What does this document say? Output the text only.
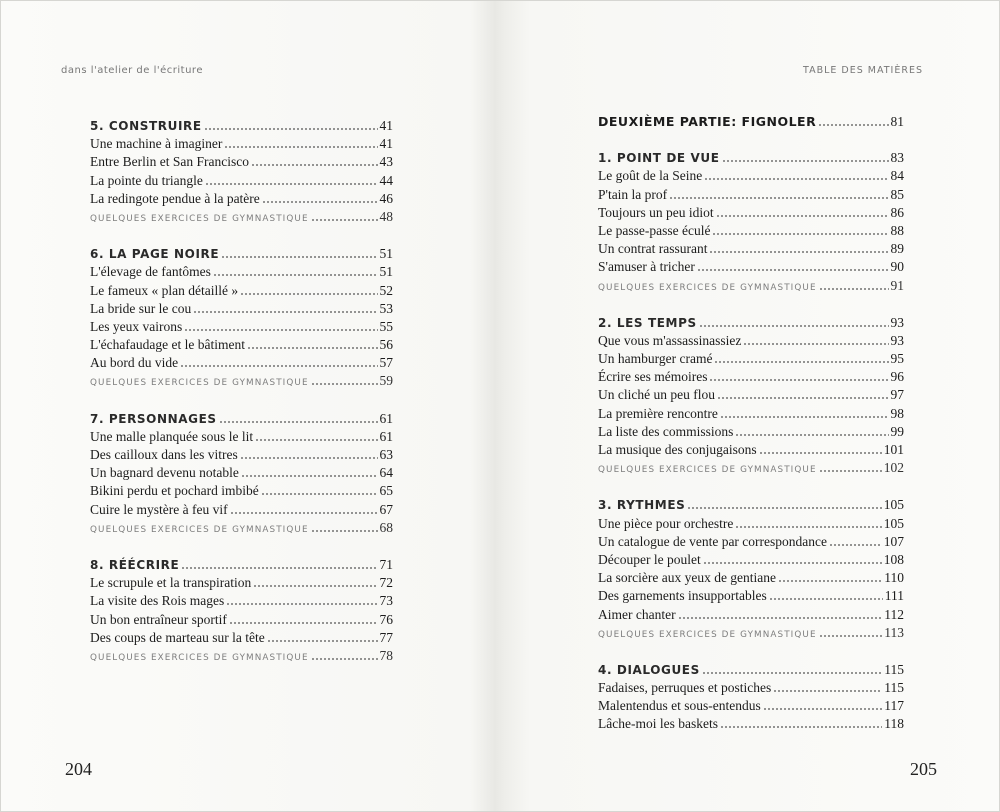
dans l'atelier de l'écriture
5. CONSTRUIRE	41
Une machine à imaginer	41
Entre Berlin et San Francisco	43
La pointe du triangle	44
La redingote pendue à la patère	46
QUELQUES EXERCICES DE GYMNASTIQUE	48
6. LA PAGE NOIRE	51
L'élevage de fantômes	51
Le fameux « plan détaillé »	52
La bride sur le cou	53
Les yeux vairons	55
L'échafaudage et le bâtiment	56
Au bord du vide	57
QUELQUES EXERCICES DE GYMNASTIQUE	59
7. PERSONNAGES	61
Une malle planquée sous le lit	61
Des cailloux dans les vitres	63
Un bagnard devenu notable	64
Bikini perdu et pochard imbibé	65
Cuire le mystère à feu vif	67
QUELQUES EXERCICES DE GYMNASTIQUE	68
8. RÉÉCRIRE	71
Le scrupule et la transpiration	72
La visite des Rois mages	73
Un bon entraîneur sportif	76
Des coups de marteau sur la tête	77
QUELQUES EXERCICES DE GYMNASTIQUE	78
204
TABLE DES MATIÈRES
DEUXIÈME PARTIE: FIGNOLER	81
1. POINT DE VUE	83
Le goût de la Seine	84
P'tain la prof	85
Toujours un peu idiot	86
Le passe-passe éculé	88
Un contrat rassurant	89
S'amuser à tricher	90
QUELQUES EXERCICES DE GYMNASTIQUE	91
2. LES TEMPS	93
Que vous m'assassinassiez	93
Un hamburger cramé	95
Écrire ses mémoires	96
Un cliché un peu flou	97
La première rencontre	98
La liste des commissions	99
La musique des conjugaisons	101
QUELQUES EXERCICES DE GYMNASTIQUE	102
3. RYTHMES	105
Une pièce pour orchestre	105
Un catalogue de vente par correspondance	107
Découper le poulet	108
La sorcière aux yeux de gentiane	110
Des garnements insupportables	111
Aimer chanter	112
QUELQUES EXERCICES DE GYMNASTIQUE	113
4. DIALOGUES	115
Fadaises, perruques et postiches	115
Malentendus et sous-entendus	117
Lâche-moi les baskets	118
205
